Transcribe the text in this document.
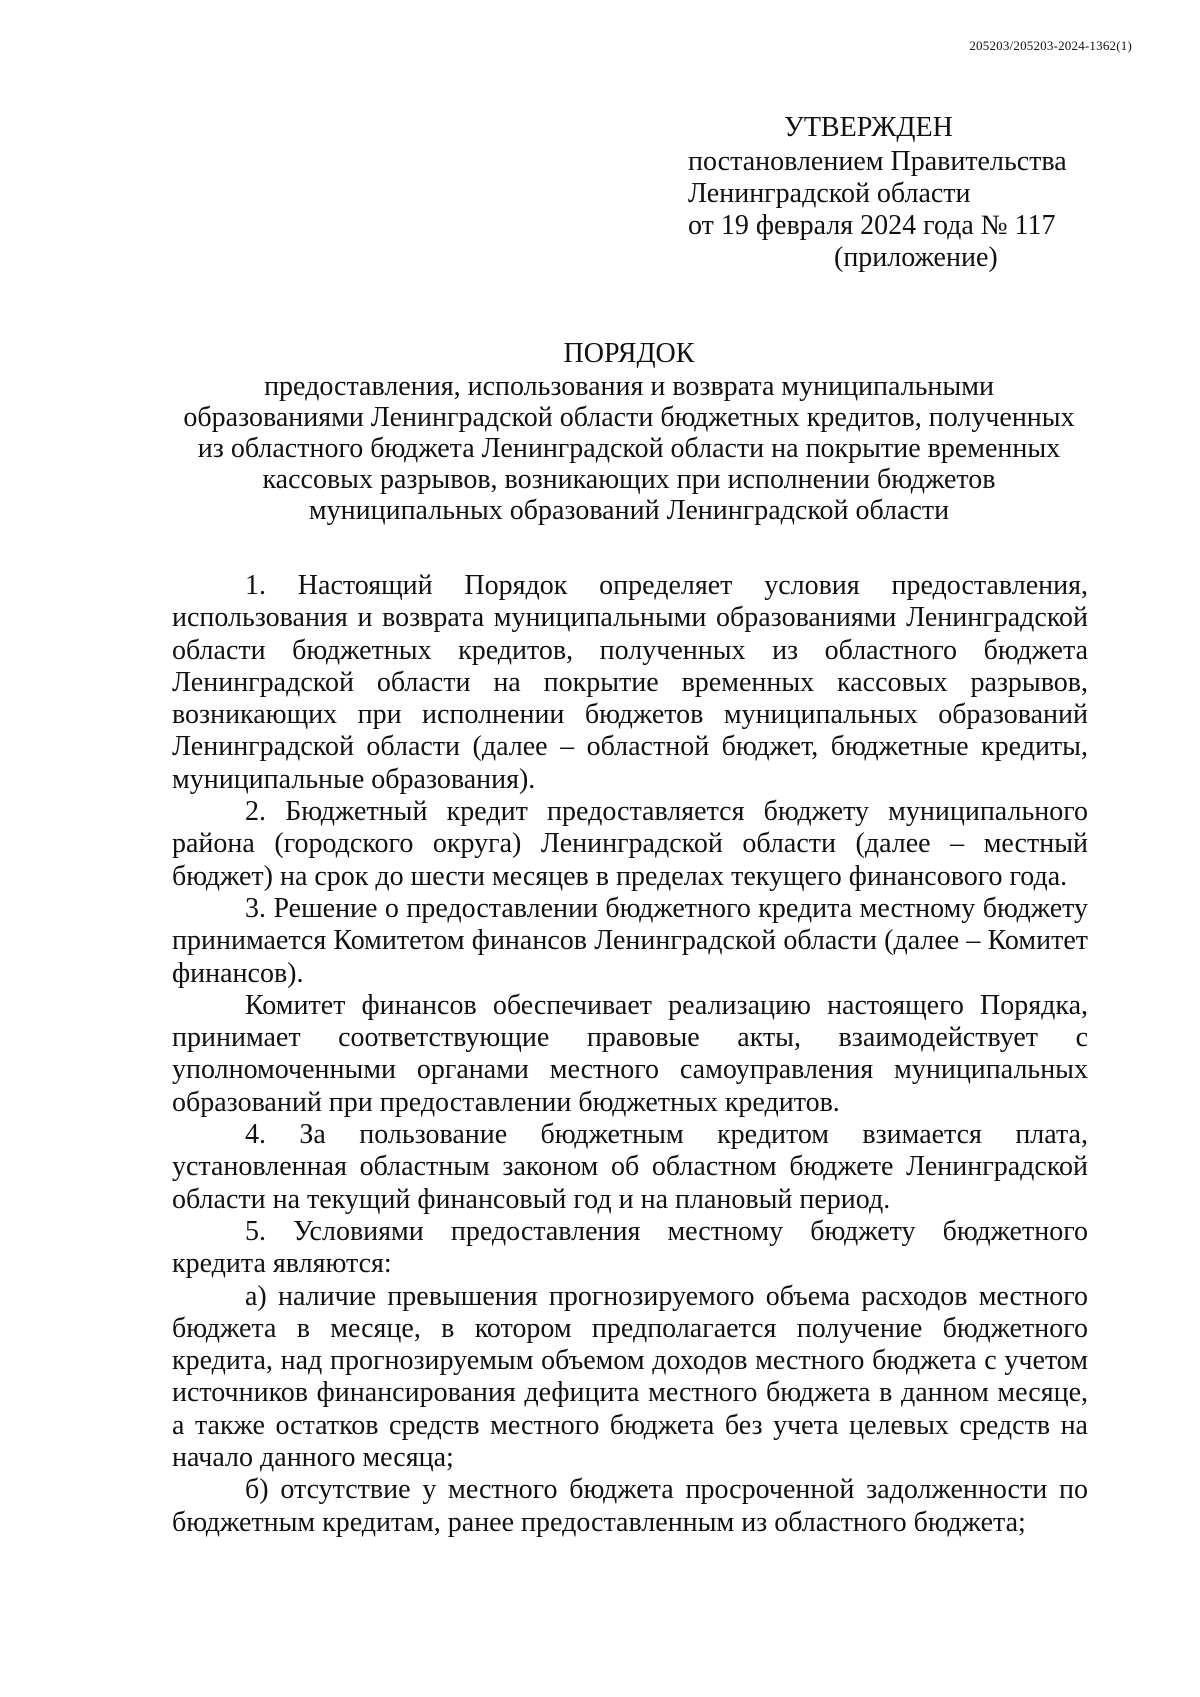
205203/205203-2024-1362(1)
УТВЕРЖДЕН
постановлением Правительства
Ленинградской области
от 19 февраля 2024 года № 117
(приложение)
ПОРЯДОК
предоставления, использования и возврата муниципальными
образованиями Ленинградской области бюджетных кредитов, полученных
из областного бюджета Ленинградской области на покрытие временных
кассовых разрывов, возникающих при исполнении бюджетов
муниципальных образований Ленинградской области

1. Настоящий Порядок определяет условия предоставления, использования и возврата муниципальными образованиями Ленинградской области бюджетных кредитов, полученных из областного бюджета Ленинградской области на покрытие временных кассовых разрывов, возникающих при исполнении бюджетов муниципальных образований Ленинградской области (далее – областной бюджет, бюджетные кредиты, муниципальные образования).

2. Бюджетный кредит предоставляется бюджету муниципального района (городского округа) Ленинградской области (далее – местный бюджет) на срок до шести месяцев в пределах текущего финансового года.

3. Решение о предоставлении бюджетного кредита местному бюджету принимается Комитетом финансов Ленинградской области (далее – Комитет финансов).

Комитет финансов обеспечивает реализацию настоящего Порядка, принимает соответствующие правовые акты, взаимодействует с уполномоченными органами местного самоуправления муниципальных образований при предоставлении бюджетных кредитов.

4. За пользование бюджетным кредитом взимается плата, установленная областным законом об областном бюджете Ленинградской области на текущий финансовый год и на плановый период.

5. Условиями предоставления местному бюджету бюджетного кредита являются:

а) наличие превышения прогнозируемого объема расходов местного бюджета в месяце, в котором предполагается получение бюджетного кредита, над прогнозируемым объемом доходов местного бюджета с учетом источников финансирования дефицита местного бюджета в данном месяце, а также остатков средств местного бюджета без учета целевых средств на начало данного месяца;

б) отсутствие у местного бюджета просроченной задолженности по бюджетным кредитам, ранее предоставленным из областного бюджета;
